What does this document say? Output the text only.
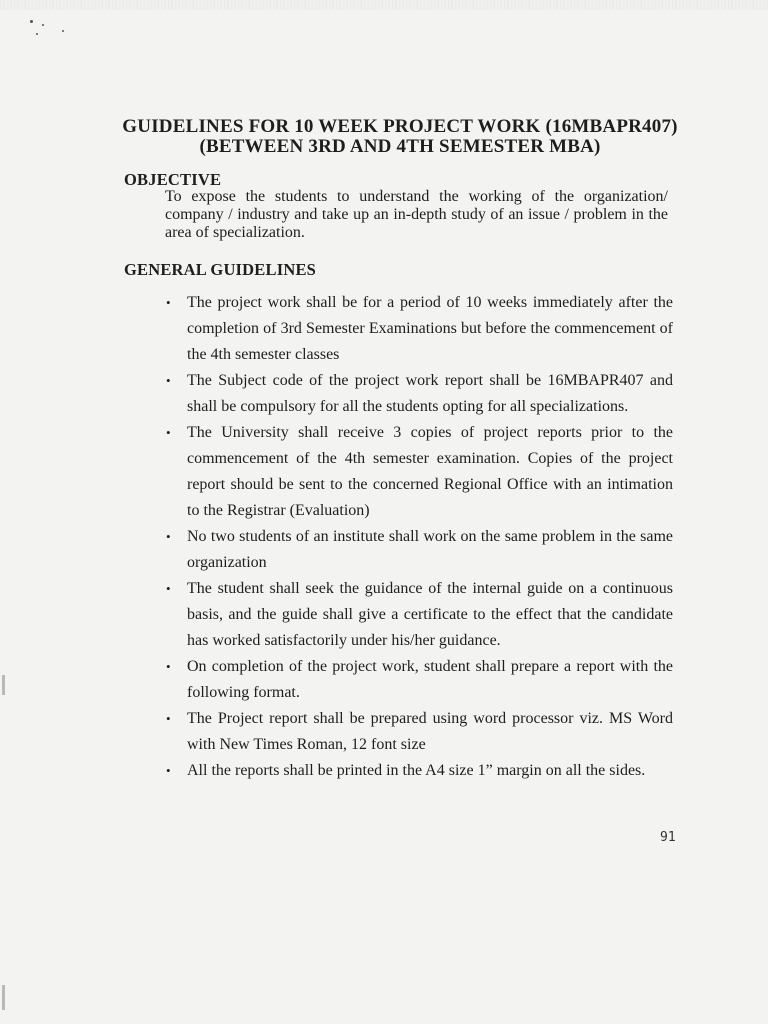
GUIDELINES FOR 10 WEEK PROJECT WORK (16MBAPR407)
(BETWEEN 3RD AND 4TH SEMESTER MBA)
OBJECTIVE

To expose the students to understand the working of the organization/ company / industry and take up an in-depth study of an issue / problem in the area of specialization.

GENERAL GUIDELINES
• The project work shall be for a period of 10 weeks immediately after the completion of 3rd Semester Examinations but before the commencement of the 4th semester classes
• The Subject code of the project work report shall be 16MBAPR407 and shall be compulsory for all the students opting for all specializations.
• The University shall receive 3 copies of project reports prior to the commencement of the 4th semester examination. Copies of the project report should be sent to the concerned Regional Office with an intimation to the Registrar (Evaluation)
• No two students of an institute shall work on the same problem in the same organization
• The student shall seek the guidance of the internal guide on a continuous basis, and the guide shall give a certificate to the effect that the candidate has worked satisfactorily under his/her guidance.
• On completion of the project work, student shall prepare a report with the following format.
• The Project report shall be prepared using word processor viz. MS Word with New Times Roman, 12 font size
• All the reports shall be printed in the A4 size 1” margin on all the sides.
91
